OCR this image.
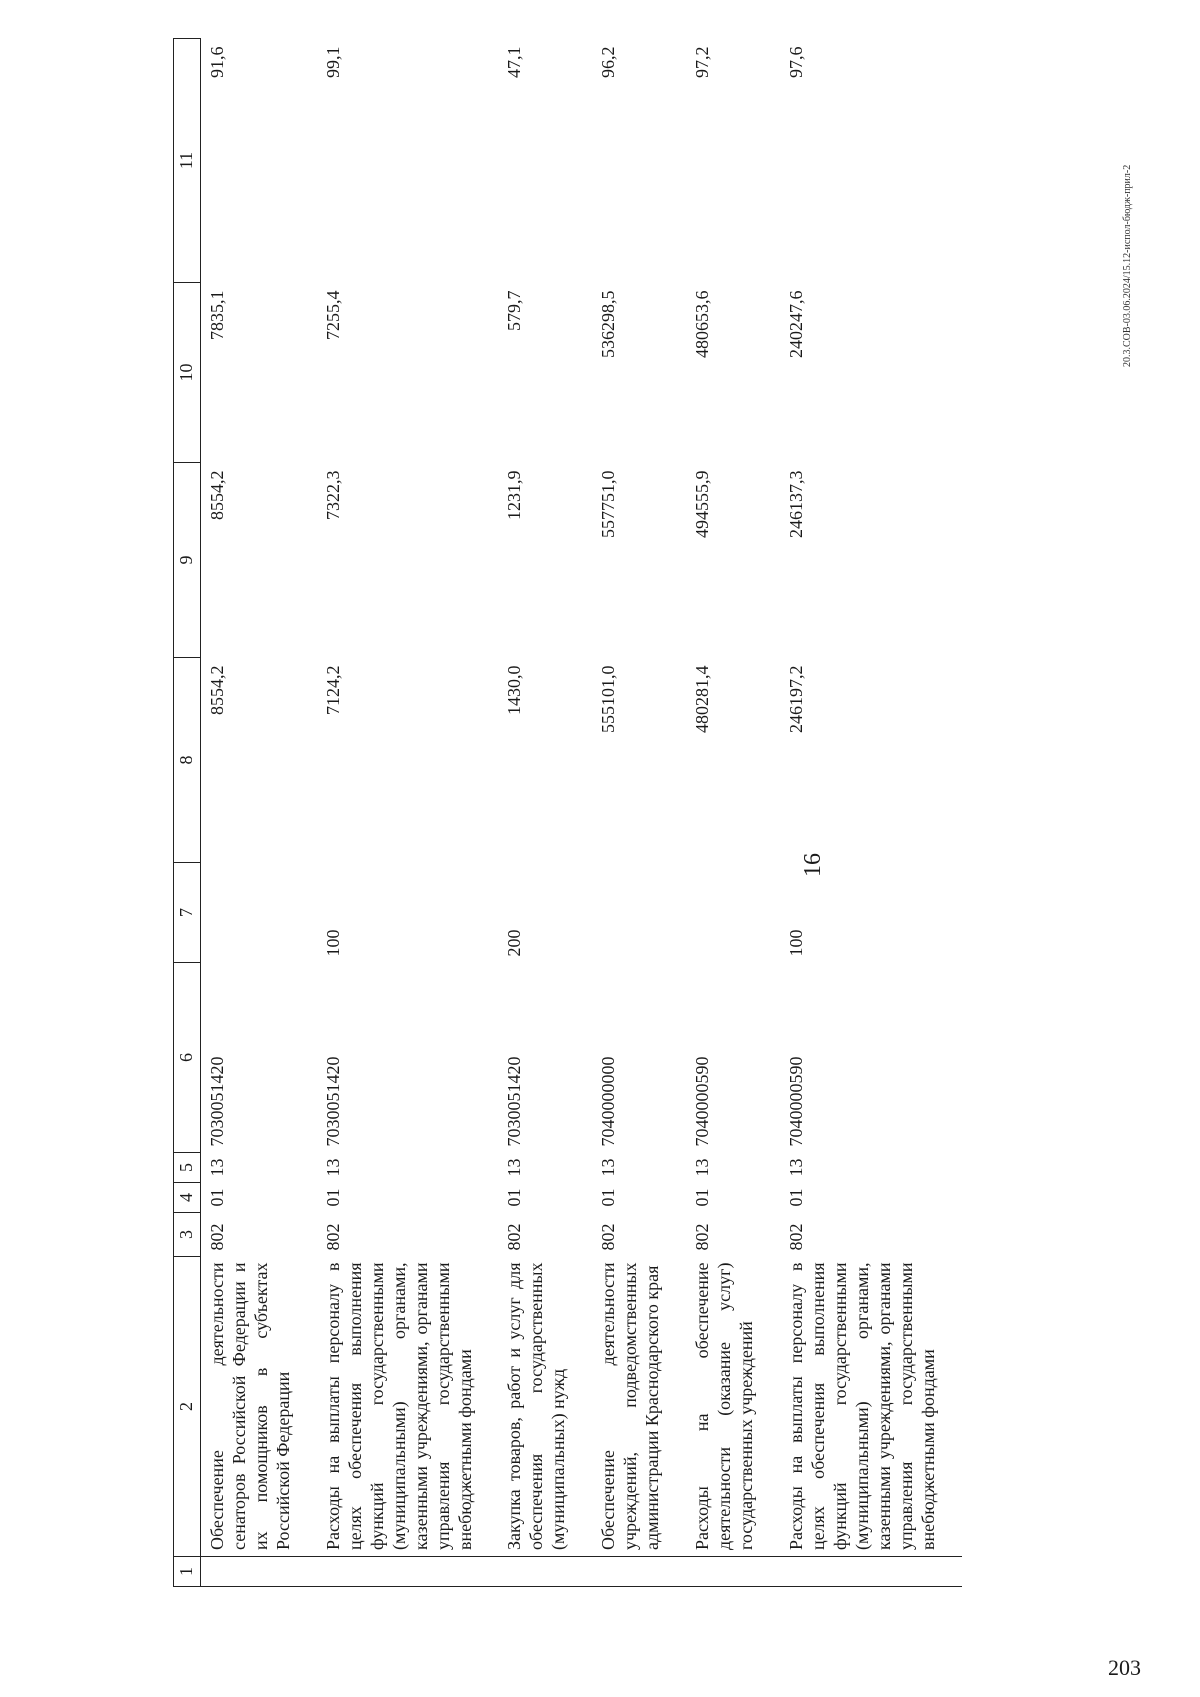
16
1	2	3	4	5	6	7	8	9	10	11
	Обеспечение деятельности сенаторов Российской Федерации и их помощников в субъектах Российской Федерации	802	01	13	7030051420		8554,2	8554,2	7835,1	91,6
	Расходы на выплаты персоналу в целях обеспечения выполнения функций государственными (муниципальными) органами, казенными учреждениями, органами управления государственными внебюджетными фондами	802	01	13	7030051420	100	7124,2	7322,3	7255,4	99,1
	Закупка товаров, работ и услуг для обеспечения государственных (муниципальных) нужд	802	01	13	7030051420	200	1430,0	1231,9	579,7	47,1
	Обеспечение деятельности учреждений, подведомственных администрации Краснодарского края	802	01	13	7040000000		555101,0	557751,0	536298,5	96,2
	Расходы на обеспечение деятельности (оказание услуг) государственных учреждений	802	01	13	7040000590		480281,4	494555,9	480653,6	97,2
	Расходы на выплаты персоналу в целях обеспечения выполнения функций государственными (муниципальными) органами, казенными учреждениями, органами управления государственными внебюджетными фондами	802	01	13	7040000590	100	246197,2	246137,3	240247,6	97,6
20.3.СОВ-03.06.2024/15.12-испол-бюдж-прил-2
203
